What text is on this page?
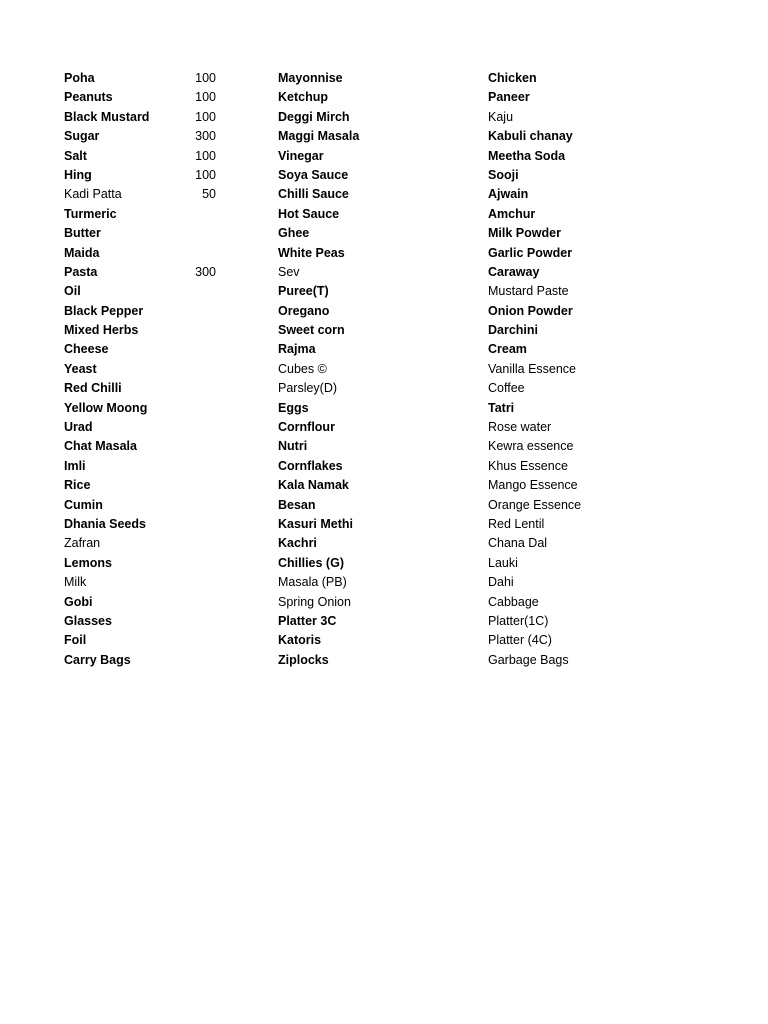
Poha	100
Peanuts	100
Black Mustard	100
Sugar	300
Salt	100
Hing	100
Kadi Patta	50
Turmeric
Butter
Maida
Pasta	300
Oil
Black Pepper
Mixed Herbs
Cheese
Yeast
Red Chilli
Yellow Moong
Urad
Chat Masala
Imli
Rice
Cumin
Dhania Seeds
Zafran
Lemons
Milk
Gobi
Glasses
Foil
Carry Bags
Mayonnise
Ketchup
Deggi Mirch
Maggi Masala
Vinegar
Soya Sauce
Chilli Sauce
Hot Sauce
Ghee
White Peas
Sev
Puree(T)
Oregano
Sweet corn
Rajma
Cubes ©
Parsley(D)
Eggs
Cornflour
Nutri
Cornflakes
Kala Namak
Besan
Kasuri Methi
Kachri
Chillies (G)
Masala (PB)
Spring Onion
Platter 3C
Katoris
Ziplocks
Chicken
Paneer
Kaju
Kabuli chanay
Meetha Soda
Sooji
Ajwain
Amchur
Milk Powder
Garlic Powder
Caraway
Mustard Paste
Onion Powder
Darchini
Cream
Vanilla Essence
Coffee
Tatri
Rose water
Kewra essence
Khus Essence
Mango Essence
Orange Essence
Red Lentil
Chana Dal
Lauki
Dahi
Cabbage
Platter(1C)
Platter (4C)
Garbage Bags
